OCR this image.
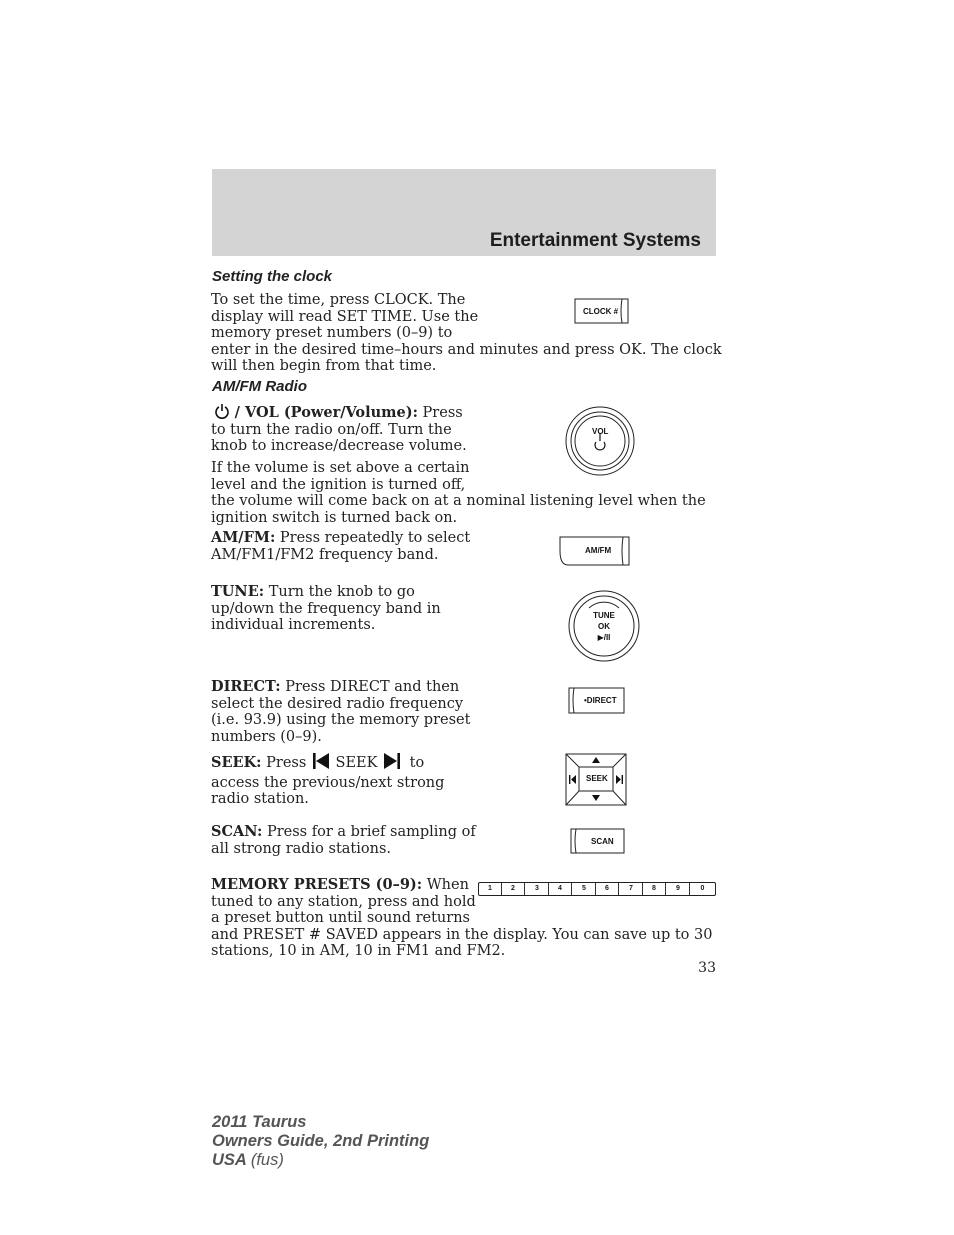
Entertainment Systems
Setting the clock
To set the time, press CLOCK. The
display will read SET TIME. Use the
memory preset numbers (0–9) to
enter in the desired time–hours and minutes and press OK. The clock
will then begin from that time.
CLOCK #
AM/FM Radio
/ VOL (Power/Volume): Press
to turn the radio on/off. Turn the
knob to increase/decrease volume.
If the volume is set above a certain
level and the ignition is turned off,
the volume will come back on at a nominal listening level when the
ignition switch is turned back on.
VOL
AM/FM: Press repeatedly to select
AM/FM1/FM2 frequency band.	AM/FM
TUNE: Turn the knob to go
up/down the frequency band in
individual increments.
TUNE
OK
▶/II
DIRECT: Press DIRECT and then
select the desired radio frequency
(i.e. 93.9) using the memory preset
numbers (0–9).
•DIRECT
SEEK: Press SEEK to
access the previous/next strong
radio station.
SEEK
SCAN: Press for a brief sampling of
all strong radio stations.	SCAN
MEMORY PRESETS (0–9): When
tuned to any station, press and hold
a preset button until sound returns
and PRESET # SAVED appears in the display. You can save up to 30
stations, 10 in AM, 10 in FM1 and FM2.
1	2	3	4	5	6	7	8	9	0
33
2011 Taurus
Owners Guide, 2nd Printing
USA (fus)
